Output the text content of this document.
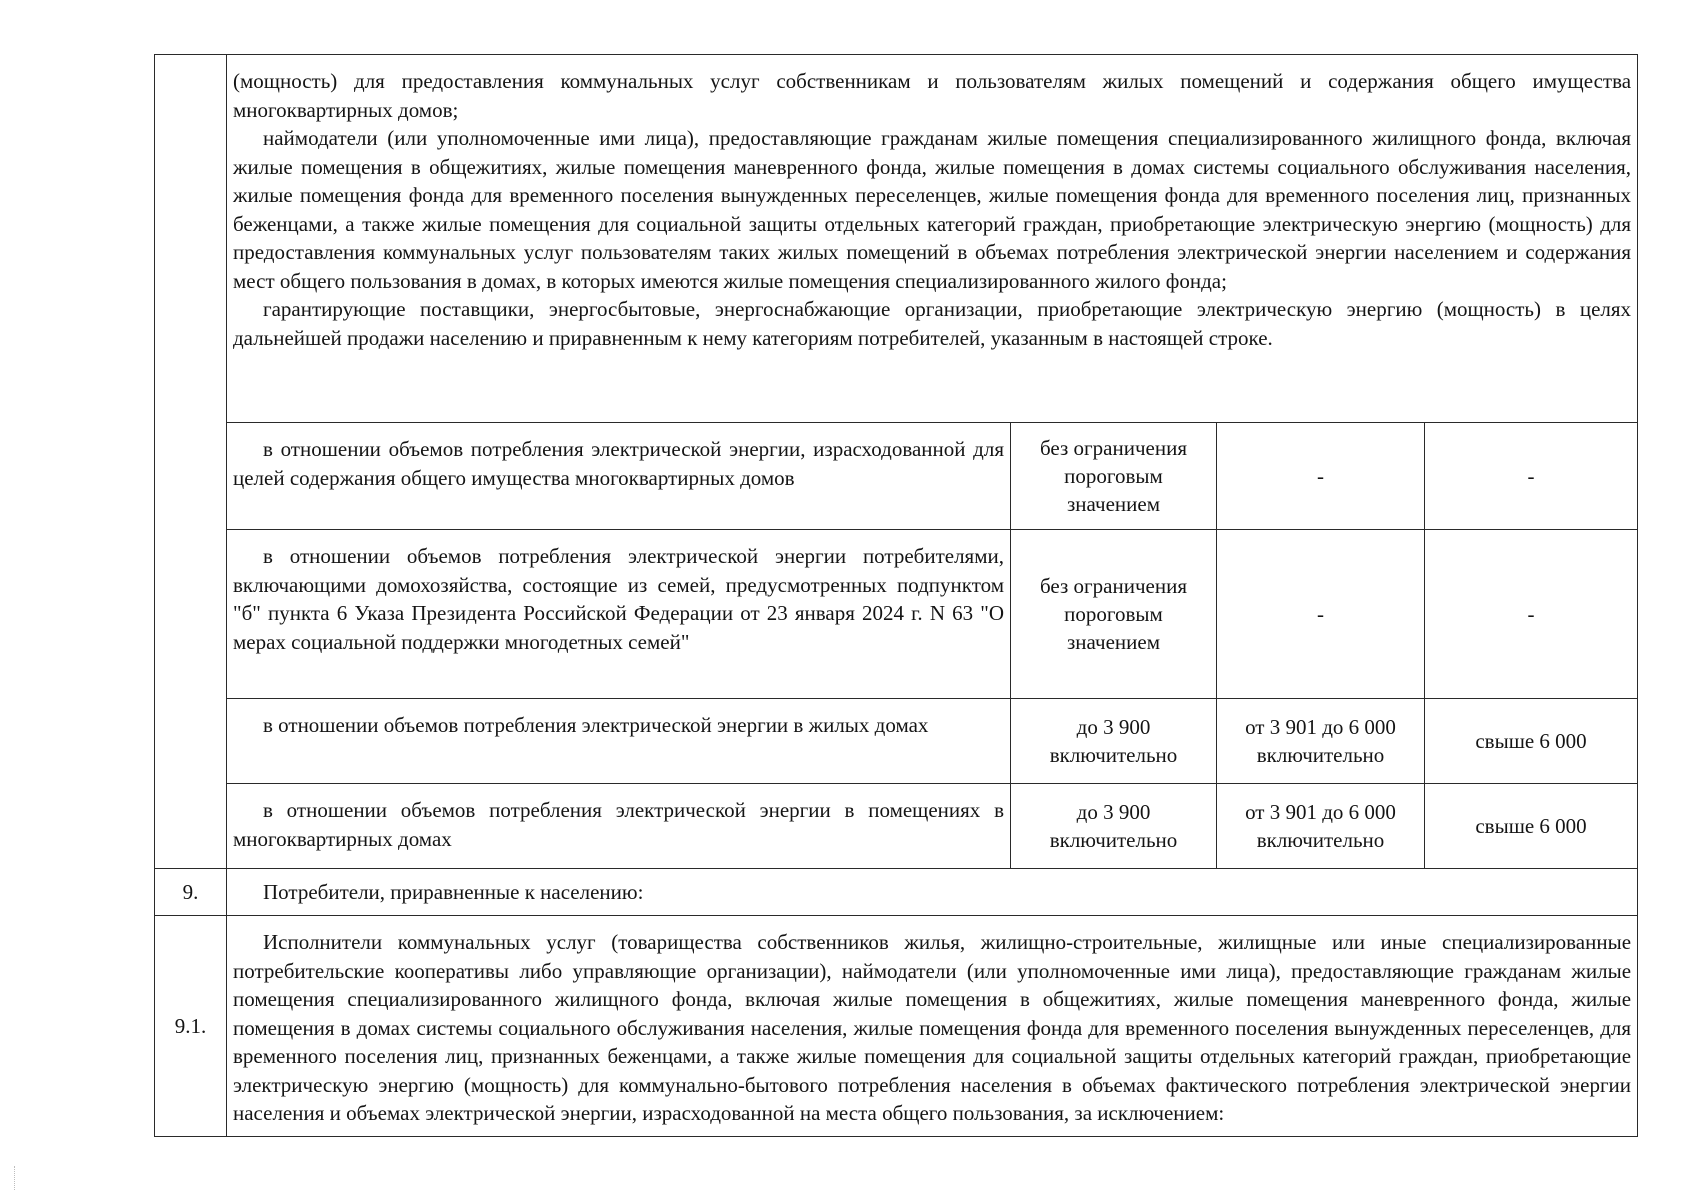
	(мощность) для предоставления коммунальных услуг собственникам и пользователям жилых помещений и содержания общего имущества многоквартирных домов;

наймодатели (или уполномоченные ими лица), предоставляющие гражданам жилые помещения специализированного жилищного фонда, включая жилые помещения в общежитиях, жилые помещения маневренного фонда, жилые помещения в домах системы социального обслуживания населения, жилые помещения фонда для временного поселения вынужденных переселенцев, жилые помещения фонда для временного поселения лиц, признанных беженцами, а также жилые помещения для социальной защиты отдельных категорий граждан, приобретающие электрическую энергию (мощность) для предоставления коммунальных услуг пользователям таких жилых помещений в объемах потребления электрической энергии населением и содержания мест общего пользования в домах, в которых имеются жилые помещения специализированного жилого фонда;

гарантирующие поставщики, энергосбытовые, энергоснабжающие организации, приобретающие электрическую энергию (мощность) в целях дальнейшей продажи населению и приравненным к нему категориям потребителей, указанным в настоящей строке.			

	в отношении объемов потребления электрической энергии, израсходованной для целей содержания общего имущества многоквартирных домов	без ограничения пороговым значением	-	-

	в отношении объемов потребления электрической энергии потребителями, включающими домохозяйства, состоящие из семей, предусмотренных подпунктом "б" пункта 6 Указа Президента Российской Федерации от 23 января 2024 г. N 63 "О мерах социальной поддержки многодетных семей"	без ограничения пороговым значением	-	-

	в отношении объемов потребления электрической энергии в жилых домах	до 3 900 включительно	от 3 901 до 6 000 включительно	свыше 6 000

	в отношении объемов потребления электрической энергии в помещениях в многоквартирных домах	до 3 900 включительно	от 3 901 до 6 000 включительно	свыше 6 000
9.	Потребители, приравненные к населению:			

9.1.	Исполнители коммунальных услуг (товарищества собственников жилья, жилищно-строительные, жилищные или иные специализированные потребительские кооперативы либо управляющие организации), наймодатели (или уполномоченные ими лица), предоставляющие гражданам жилые помещения специализированного жилищного фонда, включая жилые помещения в общежитиях, жилые помещения маневренного фонда, жилые помещения в домах системы социального обслуживания населения, жилые помещения фонда для временного поселения вынужденных переселенцев, для временного поселения лиц, признанных беженцами, а также жилые помещения для социальной защиты отдельных категорий граждан, приобретающие электрическую энергию (мощность) для коммунально-бытового потребления населения в объемах фактического потребления электрической энергии населения и объемах электрической энергии, израсходованной на места общего пользования, за исключением:			
